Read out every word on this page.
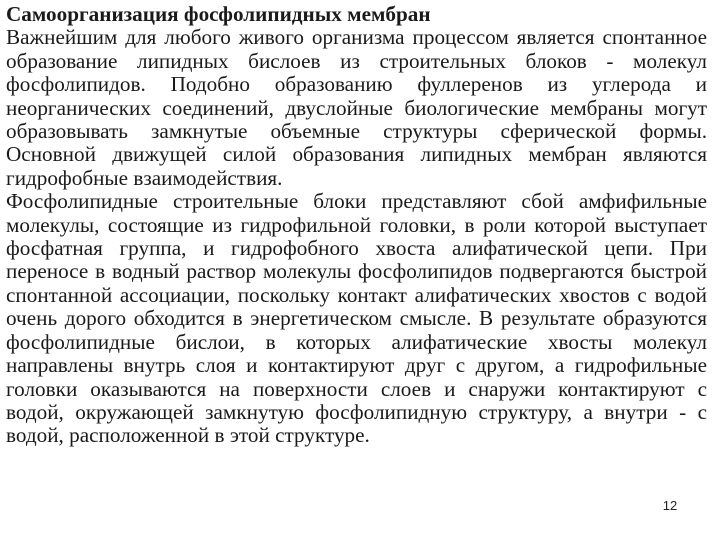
Самоорганизация фосфолипидных мембран

Важнейшим для любого живого организма процессом является спонтанное образование липидных бислоев из строительных блоков - молекул фосфолипидов. Подобно образованию фуллеренов из углерода и неорганических соединений, двуслойные биологические мембраны могут образовывать замкнутые объемные структуры сферической формы. Основной движущей силой образования липидных мембран являются гидрофобные взаимодействия.

Фосфолипидные строительные блоки представляют сбой амфифильные молекулы, состоящие из гидрофильной головки, в роли которой выступает фосфатная группа, и гидрофобного хвоста алифатической цепи. При переносе в водный раствор молекулы фосфолипидов подвергаются быстрой спонтанной ассоциации, поскольку контакт алифатических хвостов с водой очень дорого обходится в энергетическом смысле. В результате образуются фосфолипидные бислои, в которых алифатические хвосты молекул направлены внутрь слоя и контактируют друг с другом, а гидрофильные головки оказываются на поверхности слоев и снаружи контактируют с водой, окружающей замкнутую фосфолипидную структуру, а внутри - с водой, расположенной в этой структуре.

12
